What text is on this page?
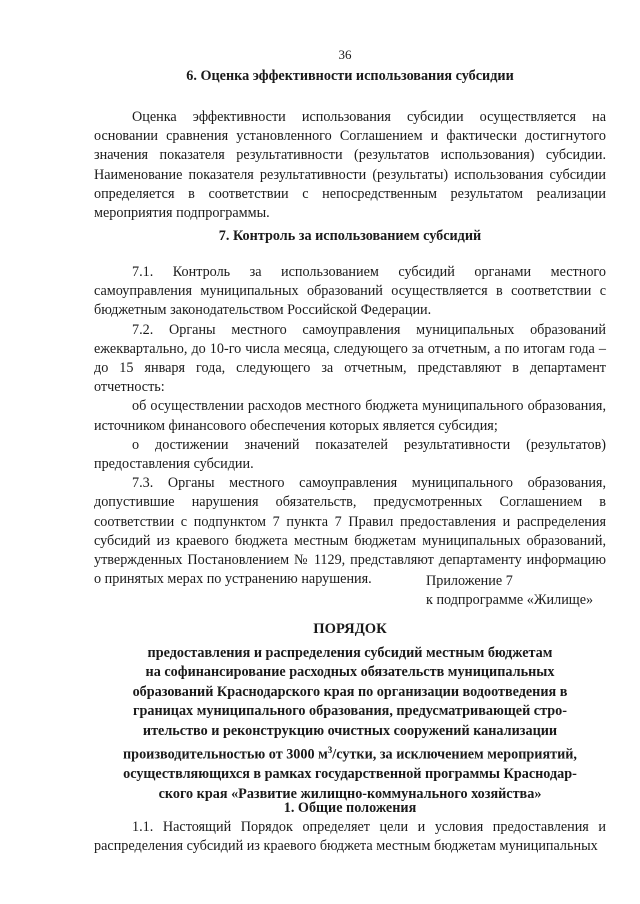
36
6. Оценка эффективности использования субсидии

Оценка эффективности использования субсидии осуществляется на основании сравнения установленного Соглашением и фактически достигнутого значения показателя результативности (результатов использования) субсидии. Наименование показателя результативности (результаты) использования субсидии определяется в соответствии с непосредственным результатом реализации мероприятия подпрограммы.

7. Контроль за использованием субсидий

7.1. Контроль за использованием субсидий органами местного самоуправления муниципальных образований осуществляется в соответствии с бюджетным законодательством Российской Федерации.

7.2. Органы местного самоуправления муниципальных образований ежеквартально, до 10-го числа месяца, следующего за отчетным, а по итогам года – до 15 января года, следующего за отчетным, представляют в департамент отчетность:

об осуществлении расходов местного бюджета муниципального образования, источником финансового обеспечения которых является субсидия;

о достижении значений показателей результативности (результатов) предоставления субсидии.

7.3. Органы местного самоуправления муниципального образования, допустившие нарушения обязательств, предусмотренных Соглашением в соответствии с подпунктом 7 пункта 7 Правил предоставления и распределения субсидий из краевого бюджета местным бюджетам муниципальных образований, утвержденных Постановлением № 1129, представляют департаменту информацию о принятых мерах по устранению нарушения.	Приложение 7
к подпрограмме «Жилище»
ПОРЯДОК
предоставления и распределения субсидий местным бюджетам
на софинансирование расходных обязательств муниципальных
образований Краснодарского края по организации водоотведения в
границах муниципального образования, предусматривающей стро-
ительство и реконструкцию очистных сооружений канализации
производительностью от 3000 $м^3$/сутки, за исключением мероприятий,
осуществляющихся в рамках государственной программы Краснодар-
ского края «Развитие жилищно-коммунального хозяйства»
1. Общие положения

1.1. Настоящий Порядок определяет цели и условия предоставления и распределения субсидий из краевого бюджета местным бюджетам муниципальных
